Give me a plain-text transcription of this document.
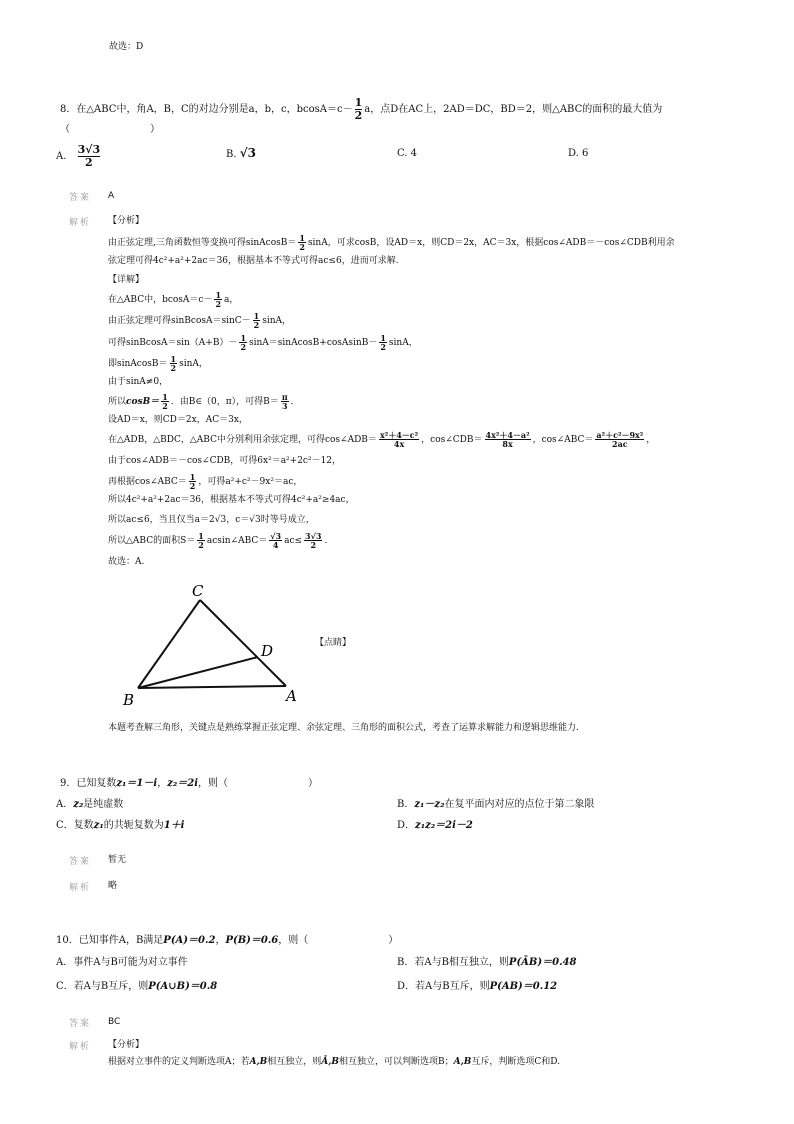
故选：D
8．在△ABC中，角A，B，C的对边分别是a，b，c，$bcosA=c- \frac{1}{2}$ a，点D在AC上，2AD＝DC，BD＝2，则△ABC的面积的最大值为
（　　　　　　　　）
A. $\frac{3√3}{2}$	B. √3	C. 4	D. 6
答案 A
解析 【分析】
由正弦定理,三角函数恒等变换可得sinAcosB＝ $\frac{1}{2}$ sinA，可求cosB，设AD＝x，则CD＝2x，AC＝3x，根据cos∠ADB＝－cos∠CDB利用余
弦定理可得4c²+a²+2ac＝36，根据基本不等式可得ac≤6，进而可求解.
【详解】
在△ABC中，$bcosA=c- \frac{1}{2}$ a，
由正弦定理可得sinBcosA＝sinC－ $\frac{1}{2}$ sinA，
可得sinBcosA＝sin（A+B）－ $\frac{1}{2}$ sinA＝sinAcosB+cosAsinB－ $\frac{1}{2}$ sinA，
即sinAcosB＝ $\frac{1}{2}$ sinA，
由于sinA≠0，
所以$\cos B= \frac{1}{2}$ ．由B∈（0，π），可得$B= \frac{\pi}{3}$ ．
设AD＝x，则CD＝2x，AC＝3x，
在△ADB，△BDC，△ABC中分别利用余弦定理，可得cos∠ADB＝ $\frac{\text{x²＋4－c²}}{4x}$ ，cos∠CDB＝ $\frac{\text{4x²＋4－a²}}{8x}$ ，cos∠ABC＝ $\frac{\text{a²＋c²－9x²}}{2ac}$ ，
由于cos∠ADB＝－cos∠CDB，可得6x²＝a²+2c²－12，
再根据cos∠ABC＝ $\frac{1}{2}$ ，可得a²+c²－9x²＝ac，
所以4c²+a²+2ac＝36，根据基本不等式可得4c²+a²≥4ac，
所以ac≤6，当且仅当a＝2√3，c＝√3时等号成立，
所以△ABC的面积$S= \frac{1}{2}$ acsin∠ABC＝ $\frac{√3}{4} ac\le \frac{3√3}{2}$ .
故选：A.
C
D
B	A
【点睛】
本题考查解三角形，关键点是熟练掌握正弦定理、余弦定理、三角形的面积公式，考查了运算求解能力和逻辑思维能力.
9．已知复数z₁＝1－i，z₂＝2i，则（　　　　　　　　）
A．z₂是纯虚数	B．z₁－z₂在复平面内对应的点位于第二象限
C．复数z₁的共轭复数为1＋i	D．z₁z₂＝2i－2
答案 暂无
解析 略
10．已知事件A，B满足P(A)＝0.2，P(B)＝0.6，则（　　　　　　　　）
A．事件A与B可能为对立事件	B．若A与B相互独立，则P(ĀB)＝0.48
C．若A与B互斥，则P(A∪B)＝0.8	D．若A与B互斥，则P(AB)＝0.12
答案 BC
解析 【分析】
根据对立事件的定义判断选项A；若A,B相互独立，则Ā,B相互独立，可以判断选项B；A,B互斥，判断选项C和D.
